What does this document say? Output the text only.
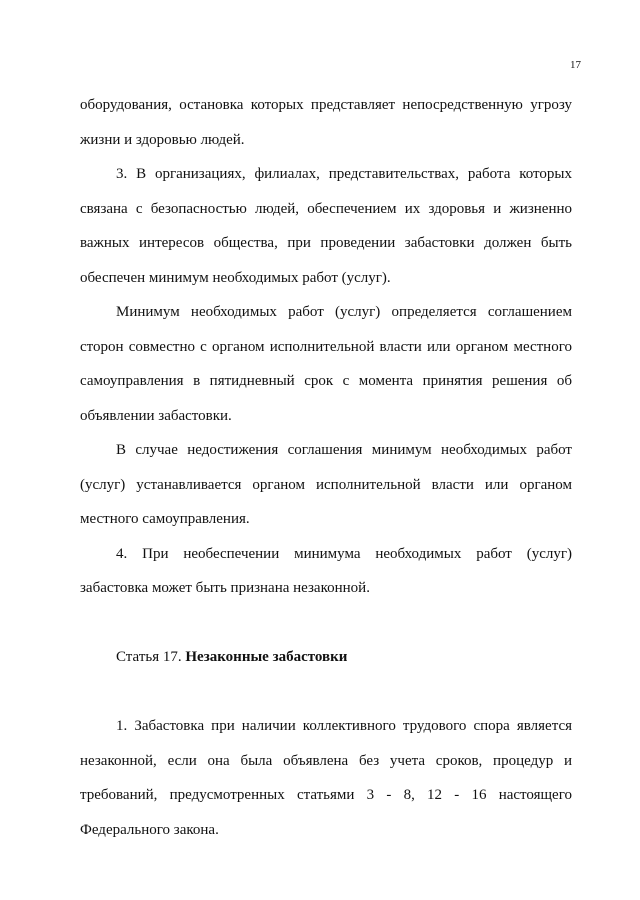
17

оборудования, остановка которых представляет непосредственную угрозу жизни и здоровью людей.

3. В организациях, филиалах, представительствах, работа которых связана с безопасностью людей, обеспечением их здоровья и жизненно важных интересов общества, при проведении забастовки должен быть обеспечен минимум необходимых работ (услуг).

Минимум необходимых работ (услуг) определяется соглашением сторон совместно с органом исполнительной власти или органом местного самоуправления в пятидневный срок с момента принятия решения об объявлении забастовки.

В случае недостижения соглашения минимум необходимых работ (услуг) устанавливается органом исполнительной власти или органом местного самоуправления.

4. При необеспечении минимума необходимых работ (услуг) забастовка может быть признана незаконной.

Статья 17. Незаконные забастовки

1. Забастовка при наличии коллективного трудового спора является незаконной, если она была объявлена без учета сроков, процедур и требований, предусмотренных статьями 3 - 8, 12 - 16 настоящего Федерального закона.
